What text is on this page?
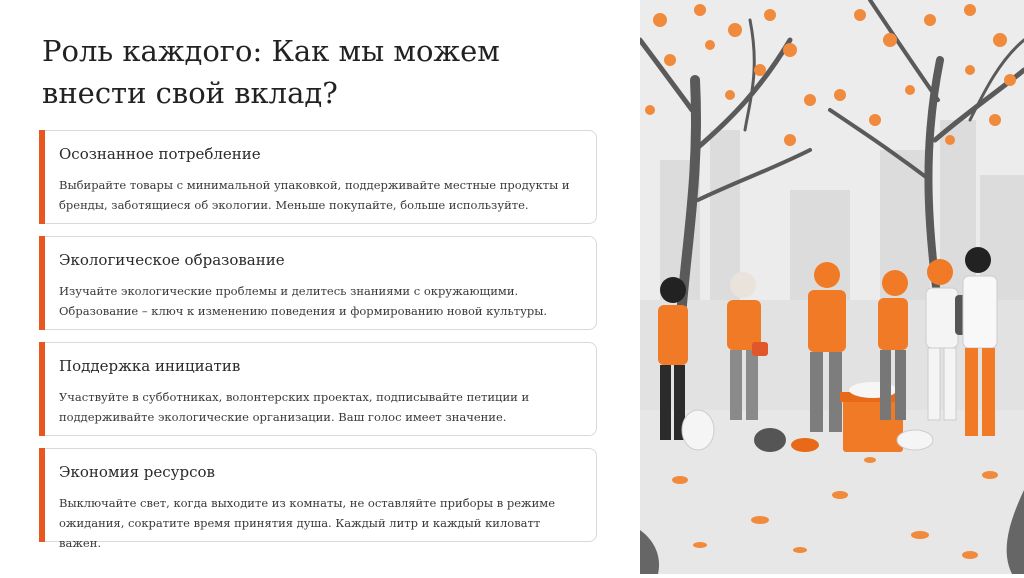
Роль каждого: Как мы можем внести свой вклад?
Осознанное потребление
Выбирайте товары с минимальной упаковкой, поддерживайте местные продукты и бренды, заботящиеся об экологии. Меньше покупайте, больше используйте.
Экологическое образование
Изучайте экологические проблемы и делитесь знаниями с окружающими. Образование – ключ к изменению поведения и формированию новой культуры.
Поддержка инициатив
Участвуйте в субботниках, волонтерских проектах, подписывайте петиции и поддерживайте экологические организации. Ваш голос имеет значение.
Экономия ресурсов
Выключайте свет, когда выходите из комнаты, не оставляйте приборы в режиме ожидания, сократите время принятия душа. Каждый литр и каждый киловатт важен.
